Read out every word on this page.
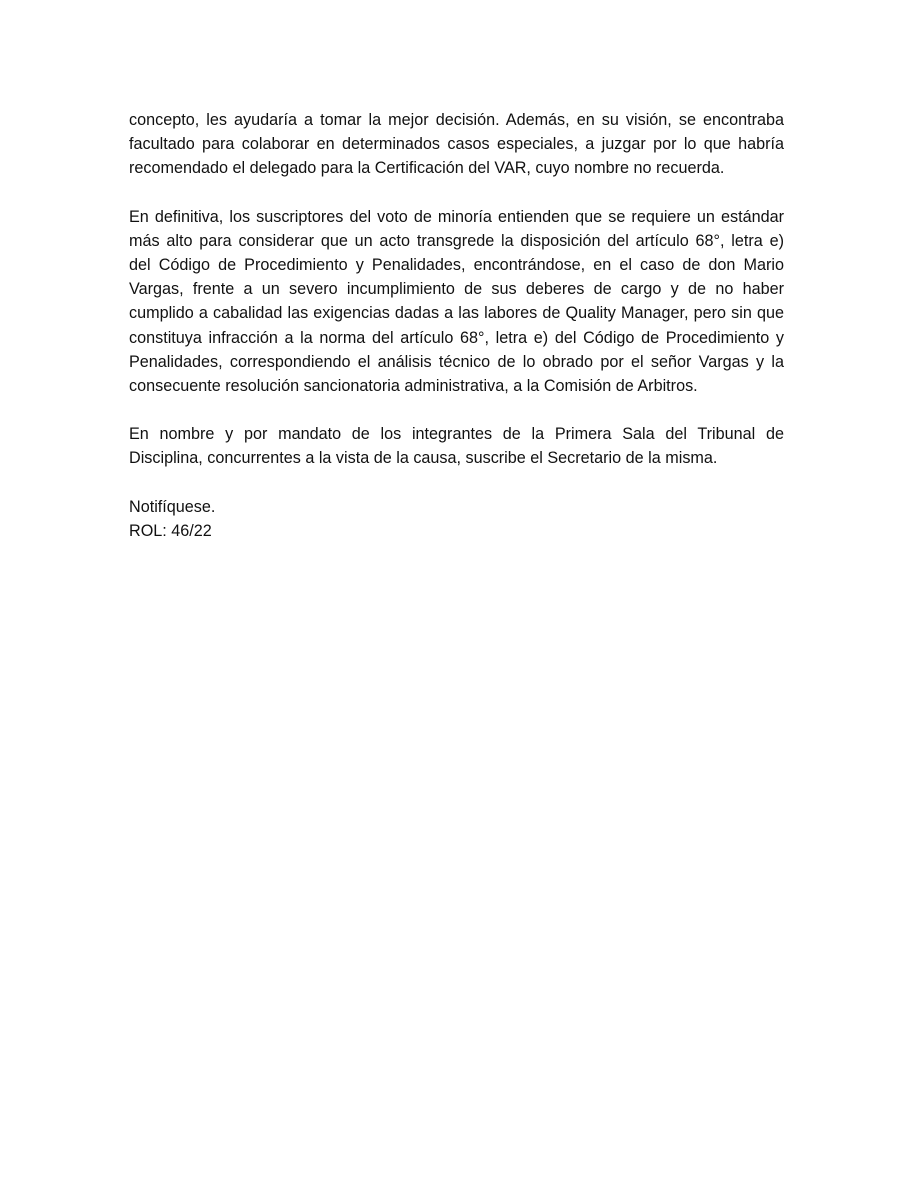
concepto, les ayudaría a tomar la mejor decisión. Además, en su visión, se encontraba
facultado para colaborar en determinados casos especiales, a juzgar por lo que habría
recomendado el delegado para la Certificación del VAR, cuyo nombre no recuerda.

En definitiva, los suscriptores del voto de minoría entienden que se requiere un estándar
más alto para considerar que un acto transgrede la disposición del artículo 68°, letra e)
del Código de Procedimiento y Penalidades, encontrándose, en el caso de don Mario
Vargas, frente a un severo incumplimiento de sus deberes de cargo y de no haber
cumplido a cabalidad las exigencias dadas a las labores de Quality Manager, pero sin que
constituya infracción a la norma del artículo 68°, letra e) del Código de Procedimiento y
Penalidades, correspondiendo el análisis técnico de lo obrado por el señor Vargas y la
consecuente resolución sancionatoria administrativa, a la Comisión de Arbitros.

En nombre y por mandato de los integrantes de la Primera Sala del Tribunal de
Disciplina, concurrentes a la vista de la causa, suscribe el Secretario de la misma.

Notifíquese.
ROL: 46/22
